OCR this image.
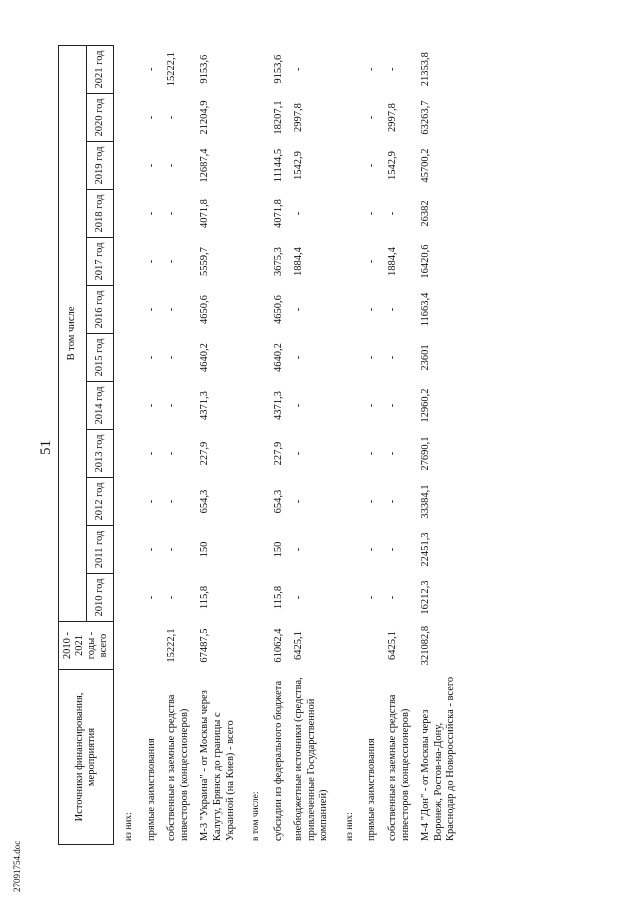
51
Источники финансирования, мероприятия	2010 - 2021 годы - всего	В том числе											
		2010 год	2011 год	2012 год	2013 год	2014 год	2015 год	2016 год	2017 год	2018 год	2019 год	2020 год	2021 год
из них:													
прямые заимствования		-	-	-	-	-	-	-	-	-	-	-	-
собственные и заемные средства инвесторов (концессионеров)	15222,1	-	-	-	-	-	-	-	-	-	-	-	15222,1
М-3 "Украина" - от Москвы через Калугу, Брянск до границы с Украиной (на Киев) - всего	67487,5	115,8	150	654,3	227,9	4371,3	4640,2	4650,6	5559,7	4071,8	12687,4	21204,9	9153,6
в том числе:													
субсидии из федерального бюджета	61062,4	115,8	150	654,3	227,9	4371,3	4640,2	4650,6	3675,3	4071,8	11144,5	18207,1	9153,6
внебюджетные источники (средства, привлеченные Государственной компанией)	6425,1	-	-	-	-	-	-	-	1884,4	-	1542,9	2997,8	-
из них:													
прямые заимствования		-	-	-	-	-	-	-	-	-	-	-	-
собственные и заемные средства инвесторов (концессионеров)	6425,1	-	-	-	-	-	-	-	1884,4	-	1542,9	2997,8	-
М-4 "Дон" - от Москвы через Воронеж, Ростов-на-Дону, Краснодар до Новороссийска - всего	321082,8	16212,3	22451,3	33384,1	27690,1	12960,2	23601	11663,4	16420,6	26382	45700,2	63263,7	21353,8
27091754.doc
